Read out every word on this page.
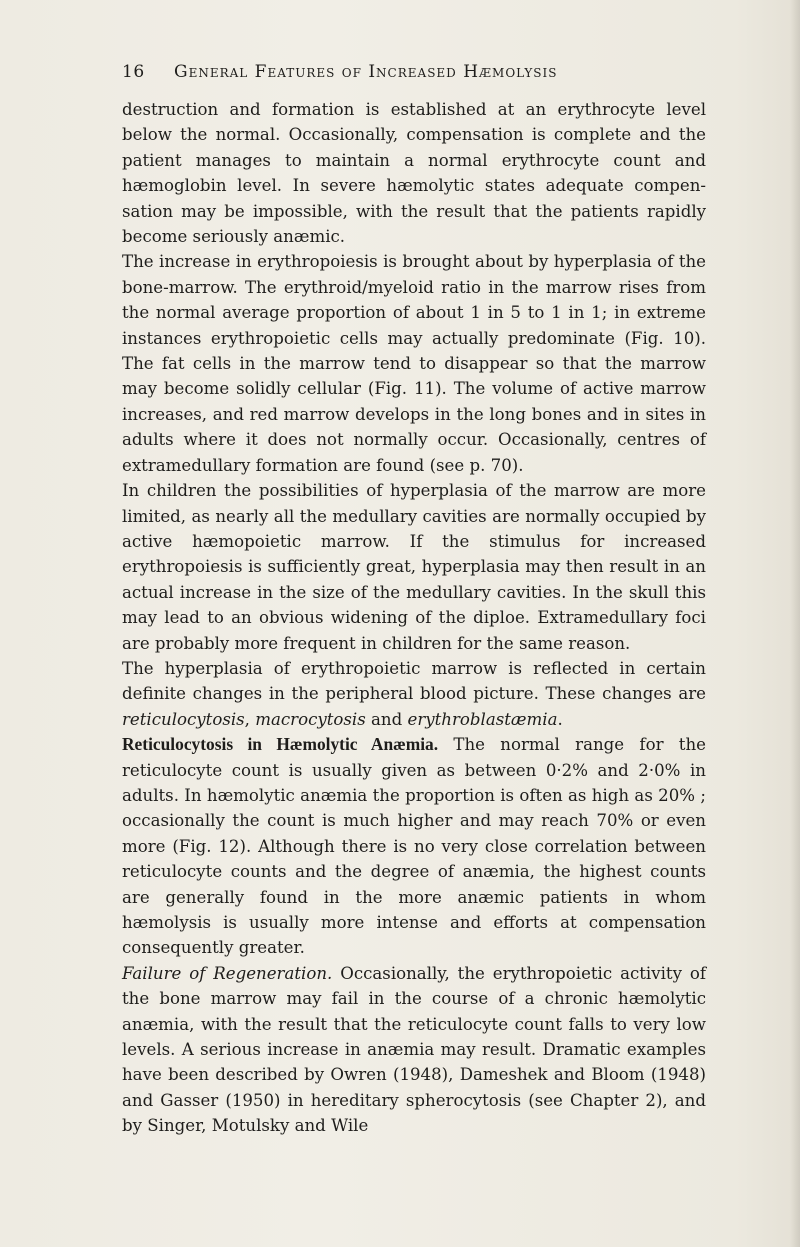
16	General Features of Increased Hæmolysis

destruction and formation is established at an erythrocyte level below the normal. Occasionally, compensation is complete and the patient manages to maintain a normal erythrocyte count and hæmoglobin level. In severe hæmolytic states adequate compen-sation may be impossible, with the result that the patients rapidly become seriously anæmic.

The increase in erythropoiesis is brought about by hyperplasia of the bone-marrow. The erythroid/myeloid ratio in the marrow rises from the normal average proportion of about 1 in 5 to 1 in 1; in extreme instances erythropoietic cells may actually predominate (Fig. 10). The fat cells in the marrow tend to disappear so that the marrow may become solidly cellular (Fig. 11). The volume of active marrow increases, and red marrow develops in the long bones and in sites in adults where it does not normally occur. Occasionally, centres of extramedullary formation are found (see p. 70).

In children the possibilities of hyperplasia of the marrow are more limited, as nearly all the medullary cavities are normally occupied by active hæmopoietic marrow. If the stimulus for increased erythropoiesis is sufficiently great, hyperplasia may then result in an actual increase in the size of the medullary cavities. In the skull this may lead to an obvious widening of the diploe. Extramedullary foci are probably more frequent in children for the same reason.

The hyperplasia of erythropoietic marrow is reflected in certain definite changes in the peripheral blood picture. These changes are reticulocytosis, macrocytosis and erythroblastæmia.

Reticulocytosis in Hæmolytic Anæmia. The normal range for the reticulocyte count is usually given as between 0·2% and 2·0% in adults. In hæmolytic anæmia the proportion is often as high as 20% ; occasionally the count is much higher and may reach 70% or even more (Fig. 12). Although there is no very close correlation between reticulocyte counts and the degree of anæmia, the highest counts are generally found in the more anæmic patients in whom hæmolysis is usually more intense and efforts at compensation consequently greater.

Failure of Regeneration. Occasionally, the erythropoietic activity of the bone marrow may fail in the course of a chronic hæmolytic anæmia, with the result that the reticulocyte count falls to very low levels. A serious increase in anæmia may result. Dramatic examples have been described by Owren (1948), Dameshek and Bloom (1948) and Gasser (1950) in hereditary spherocytosis (see Chapter 2), and by Singer, Motulsky and Wile
